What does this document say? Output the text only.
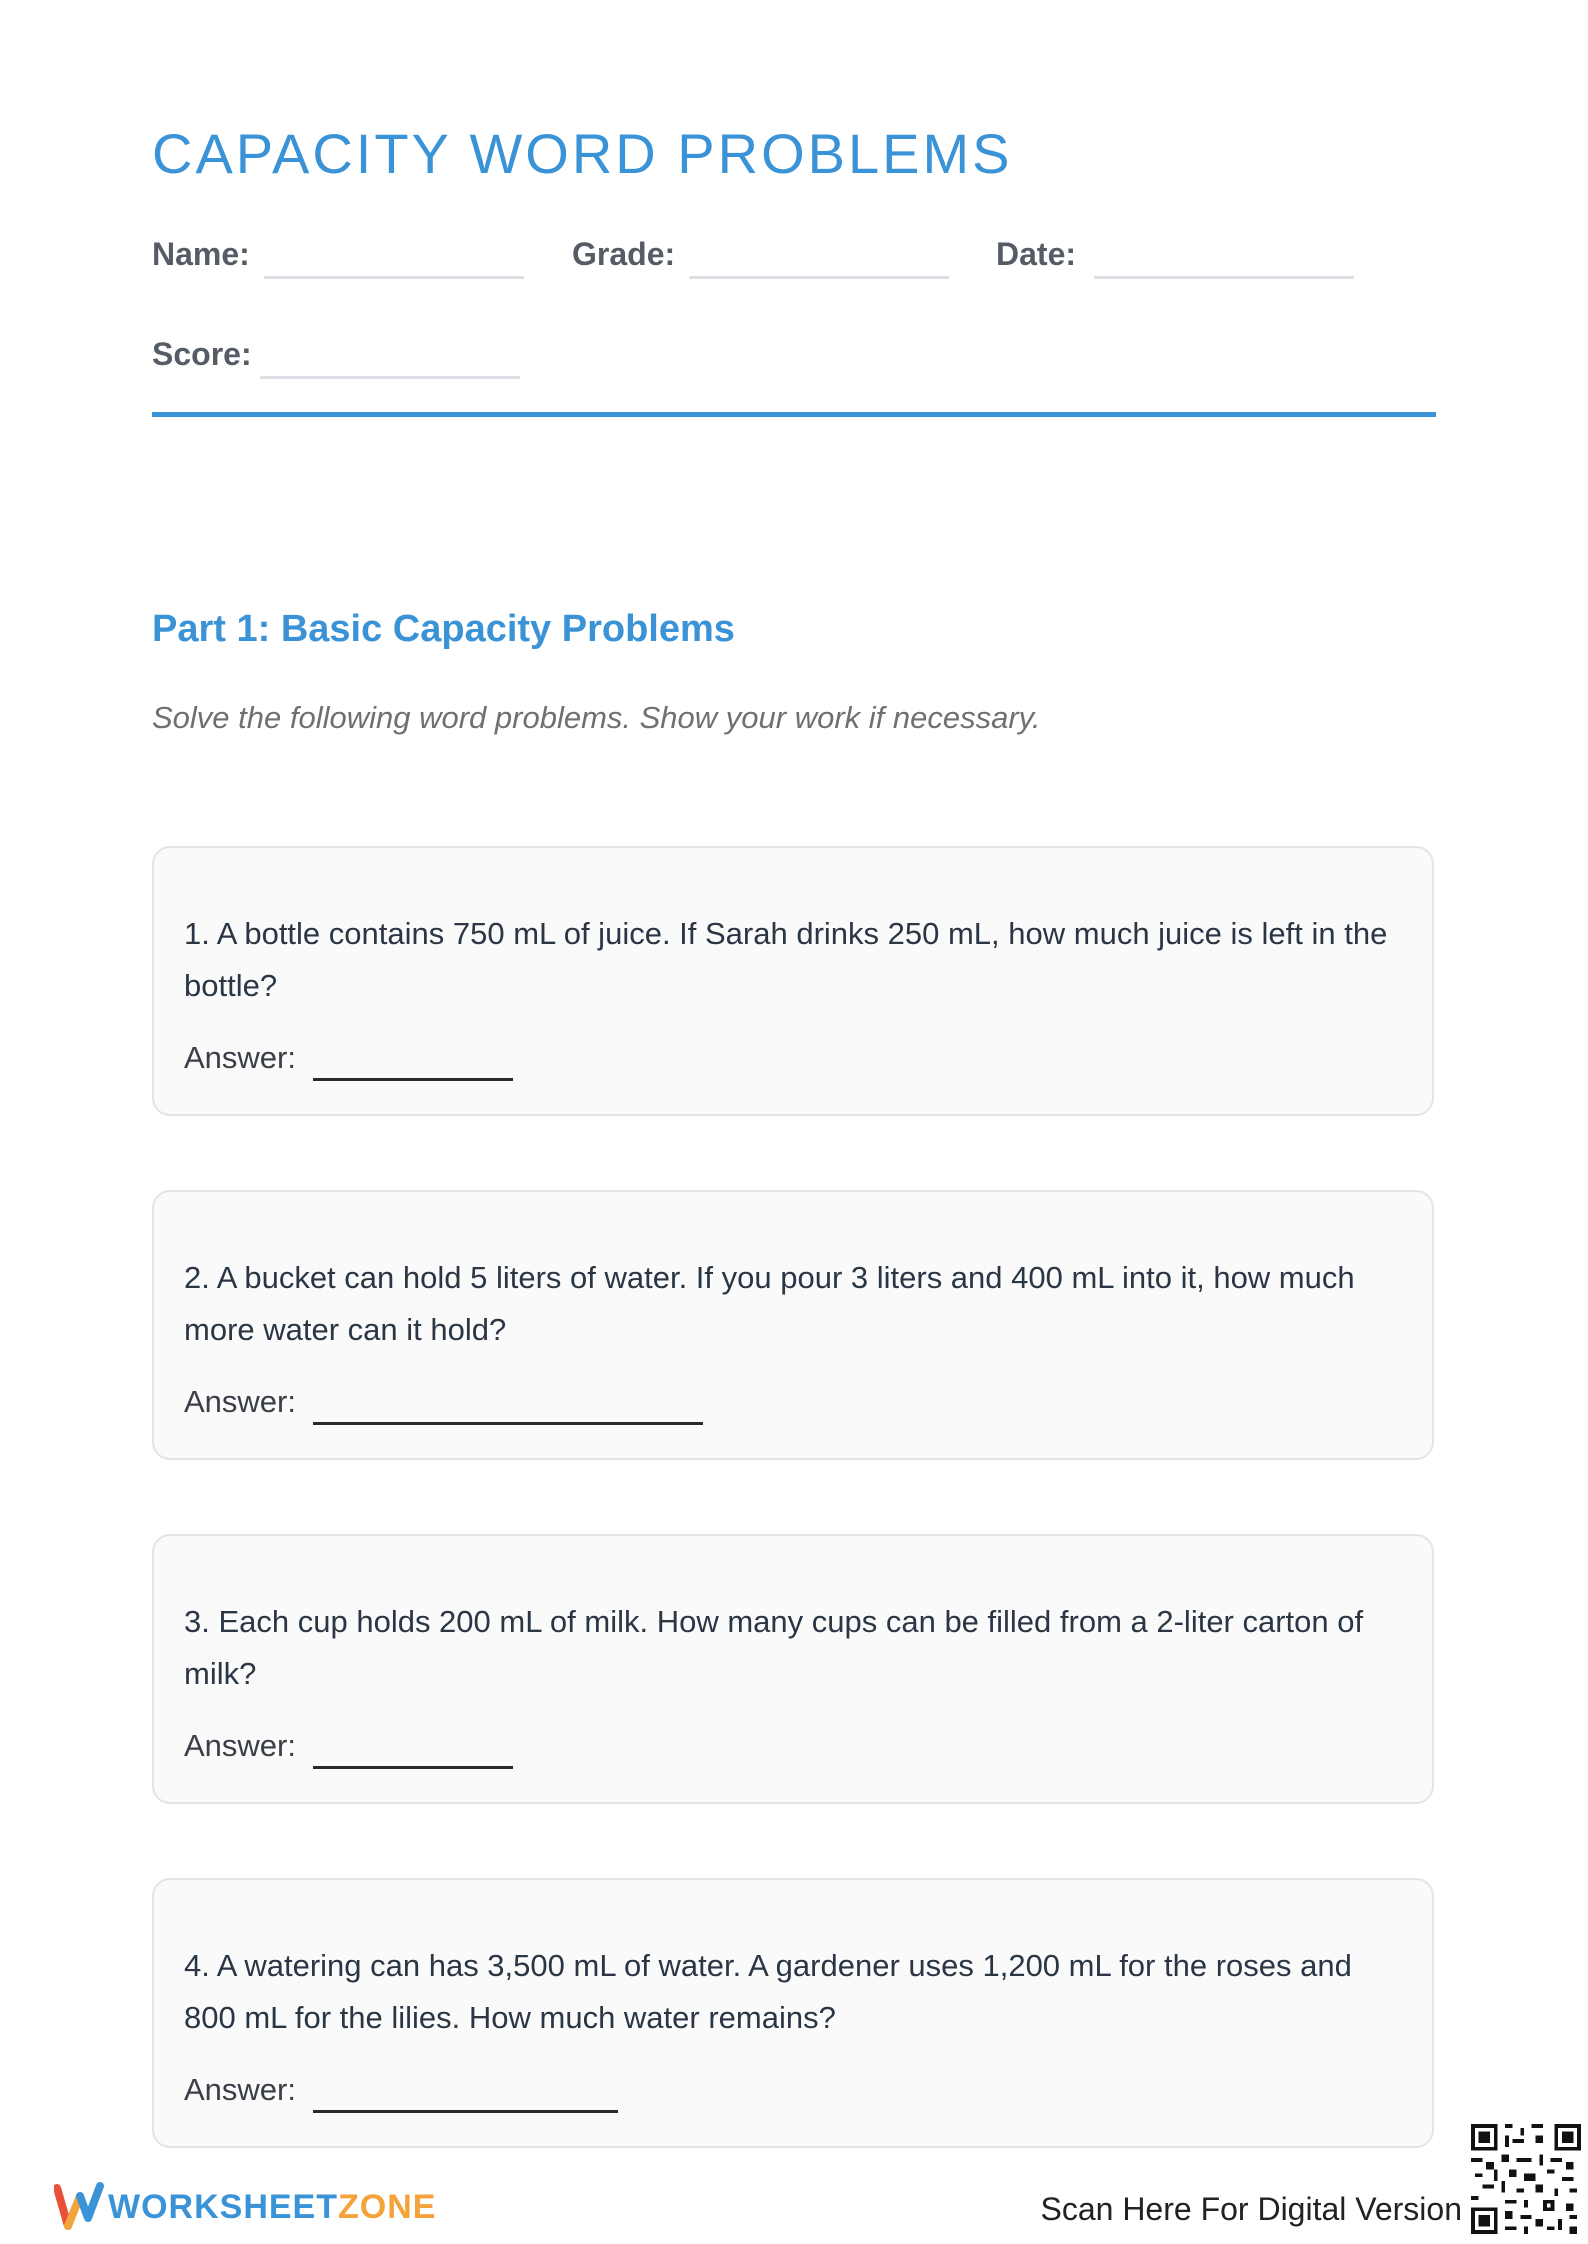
CAPACITY WORD PROBLEMS
Name:	Grade:	Date:
Score:
Part 1: Basic Capacity Problems
Solve the following word problems. Show your work if necessary.
1. A bottle contains 750 mL of juice. If Sarah drinks 250 mL, how much juice is left in the bottle?
Answer:
2. A bucket can hold 5 liters of water. If you pour 3 liters and 400 mL into it, how much more water can it hold?
Answer:
3. Each cup holds 200 mL of milk. How many cups can be filled from a 2-liter carton of milk?
Answer:
4. A watering can has 3,500 mL of water. A gardener uses 1,200 mL for the roses and 800 mL for the lilies. How much water remains?
Answer:
WORKSHEETZONE	Scan Here For Digital Version
